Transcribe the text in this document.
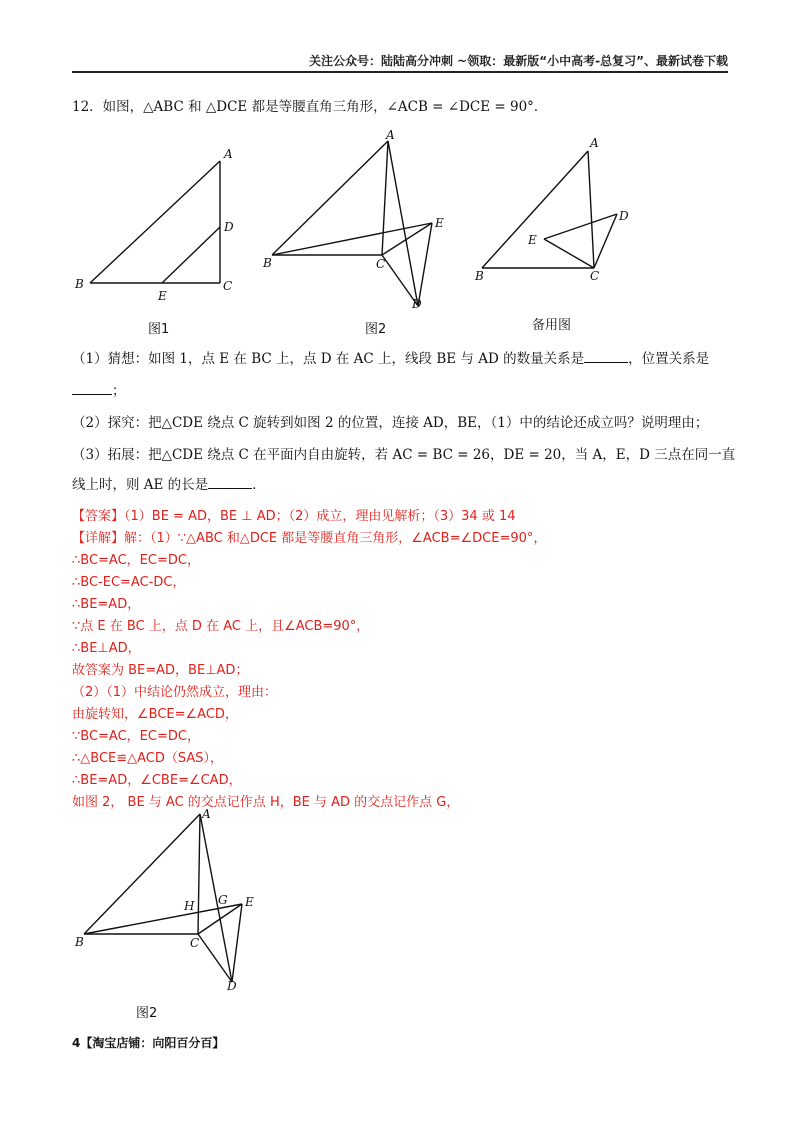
关注公众号：陆陆高分冲刺 ~领取：最新版“小中高考-总复习”、最新试卷下载
12．如图，△ABC 和 △DCE 都是等腰直角三角形，∠ACB = ∠DCE = 90°．
A
B	C
D
E
图1
A
B	C
D
E
图2
A
B	C
D
E
备用图
（1）猜想：如图 1，点 E 在 BC 上，点 D 在 AC 上，线段 BE 与 AD 的数量关系是	，位置关系是
；
（2）探究：把△CDE 绕点 C 旋转到如图 2 的位置，连接 AD，BE，（1）中的结论还成立吗？说明理由；
（3）拓展：把△CDE 绕点 C 在平面内自由旋转，若 AC = BC = 26，DE = 20，当 A，E，D 三点在同一直
线上时，则 AE 的长是	．
【答案】（1）BE = AD，BE ⊥ AD；（2）成立，理由见解析；（3）34 或 14
【详解】解：（1）∵△ABC 和△DCE 都是等腰直角三角形，∠ACB=∠DCE=90°，
∴BC=AC，EC=DC，
∴BC-EC=AC-DC，
∴BE=AD，
∵点 E 在 BC 上，点 D 在 AC 上，且∠ACB=90°，
∴BE⊥AD，
故答案为 BE=AD，BE⊥AD；
（2）（1）中结论仍然成立，理由：
由旋转知，∠BCE=∠ACD，
∵BC=AC，EC=DC，
∴△BCE≌△ACD（SAS），
∴BE=AD，∠CBE=∠CAD，
如图 2， BE 与 AC 的交点记作点 H，BE 与 AD 的交点记作点 G，
A
B	C
D
E
G
H
图2
4【淘宝店铺：向阳百分百】
